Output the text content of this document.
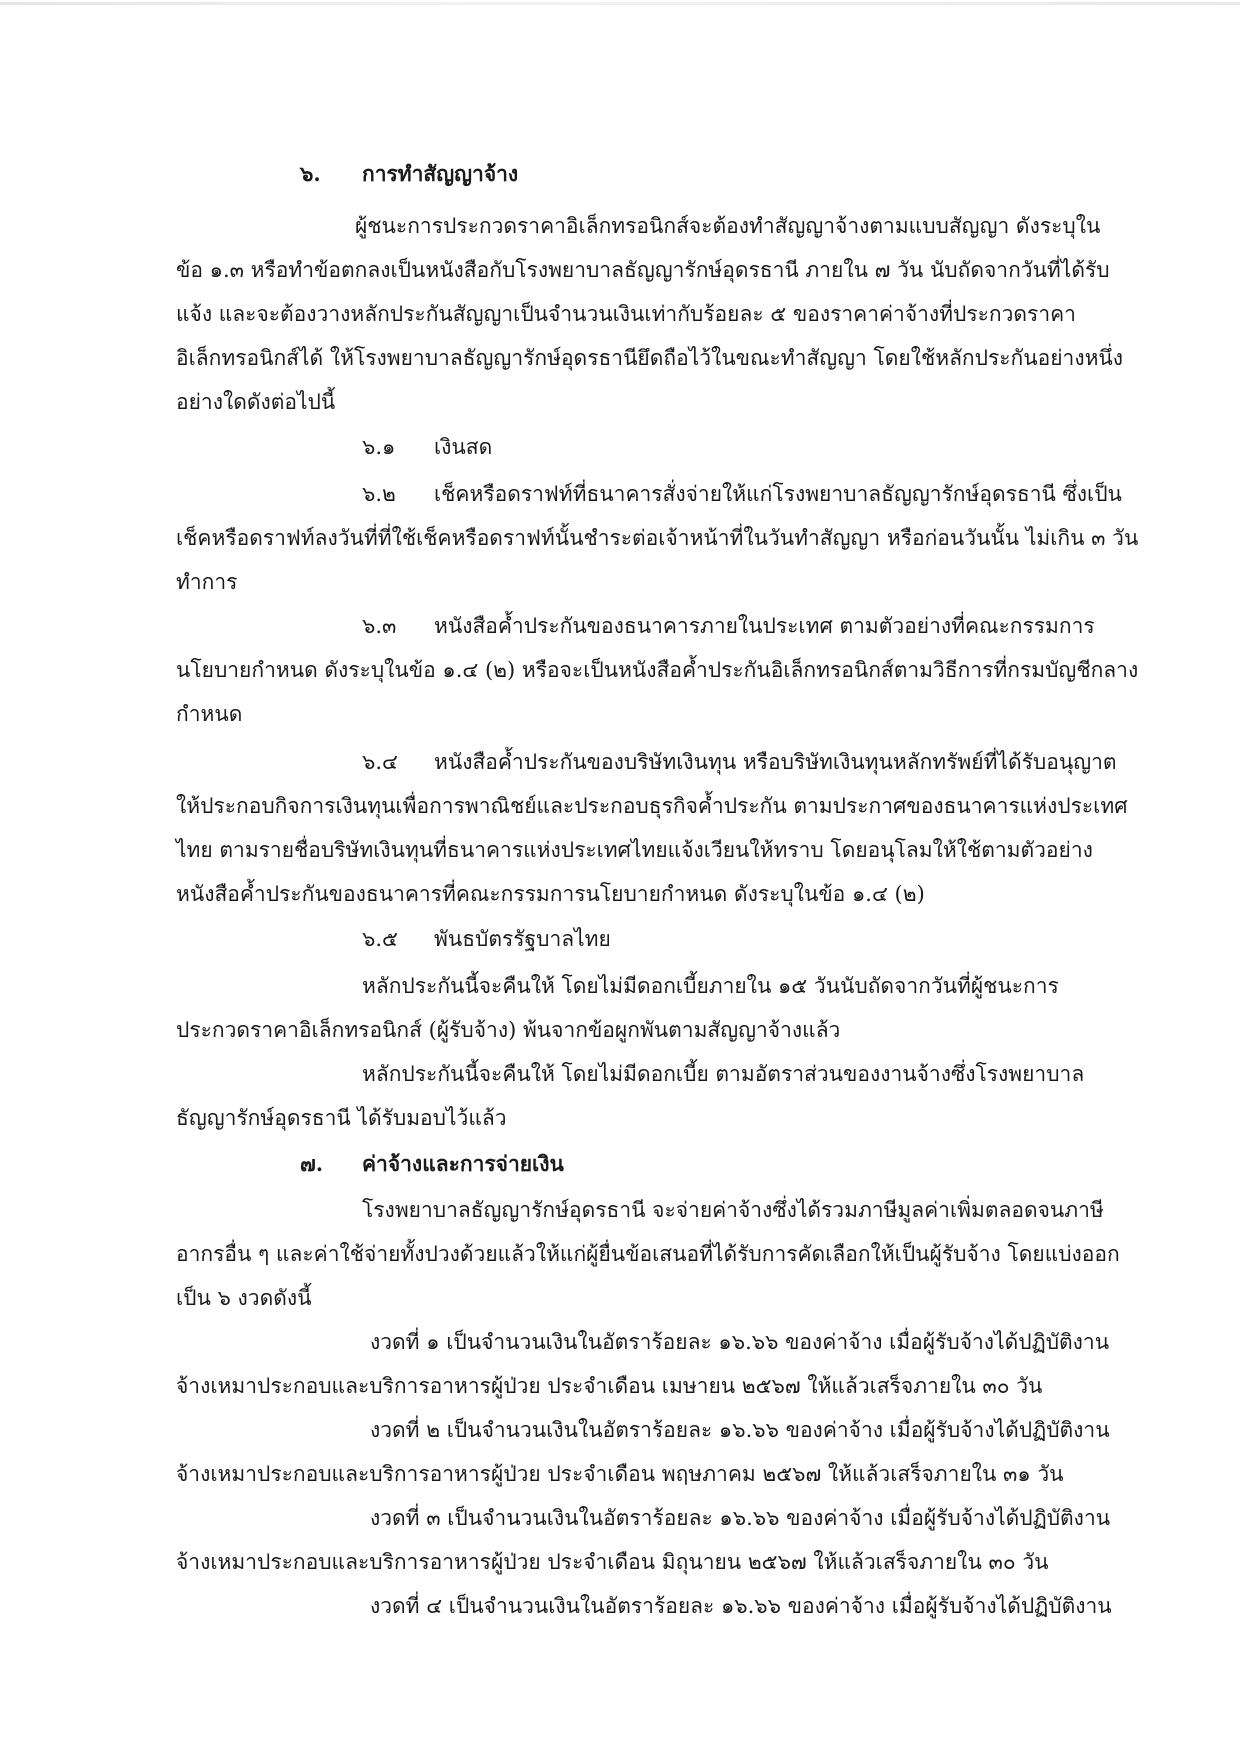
๖. การทำสัญญาจ้าง
ผู้ชนะการประกวดราคาอิเล็กทรอนิกส์จะต้องทำสัญญาจ้างตามแบบสัญญา ดังระบุใน
ข้อ ๑.๓ หรือทำข้อตกลงเป็นหนังสือกับโรงพยาบาลธัญญารักษ์อุดรธานี ภายใน ๗ วัน นับถัดจากวันที่ได้รับ
แจ้ง และจะต้องวางหลักประกันสัญญาเป็นจำนวนเงินเท่ากับร้อยละ ๕ ของราคาค่าจ้างที่ประกวดราคา
อิเล็กทรอนิกส์ได้ ให้โรงพยาบาลธัญญารักษ์อุดรธานียึดถือไว้ในขณะทำสัญญา โดยใช้หลักประกันอย่างหนึ่ง
อย่างใดดังต่อไปนี้
๖.๑ เงินสด
๖.๒ เช็คหรือดราฟท์ที่ธนาคารสั่งจ่ายให้แก่โรงพยาบาลธัญญารักษ์อุดรธานี ซึ่งเป็น
เช็คหรือดราฟท์ลงวันที่ที่ใช้เช็คหรือดราฟท์นั้นชำระต่อเจ้าหน้าที่ในวันทำสัญญา หรือก่อนวันนั้น ไม่เกิน ๓ วัน
ทำการ
๖.๓ หนังสือค้ำประกันของธนาคารภายในประเทศ ตามตัวอย่างที่คณะกรรมการ
นโยบายกำหนด ดังระบุในข้อ ๑.๔ (๒) หรือจะเป็นหนังสือค้ำประกันอิเล็กทรอนิกส์ตามวิธีการที่กรมบัญชีกลาง
กำหนด
๖.๔ หนังสือค้ำประกันของบริษัทเงินทุน หรือบริษัทเงินทุนหลักทรัพย์ที่ได้รับอนุญาต
ให้ประกอบกิจการเงินทุนเพื่อการพาณิชย์และประกอบธุรกิจค้ำประกัน ตามประกาศของธนาคารแห่งประเทศ
ไทย ตามรายชื่อบริษัทเงินทุนที่ธนาคารแห่งประเทศไทยแจ้งเวียนให้ทราบ โดยอนุโลมให้ใช้ตามตัวอย่าง
หนังสือค้ำประกันของธนาคารที่คณะกรรมการนโยบายกำหนด ดังระบุในข้อ ๑.๔ (๒)
๖.๕ พันธบัตรรัฐบาลไทย
หลักประกันนี้จะคืนให้ โดยไม่มีดอกเบี้ยภายใน ๑๕ วันนับถัดจากวันที่ผู้ชนะการ
ประกวดราคาอิเล็กทรอนิกส์ (ผู้รับจ้าง) พ้นจากข้อผูกพันตามสัญญาจ้างแล้ว
หลักประกันนี้จะคืนให้ โดยไม่มีดอกเบี้ย ตามอัตราส่วนของงานจ้างซึ่งโรงพยาบาล
ธัญญารักษ์อุดรธานี ได้รับมอบไว้แล้ว
๗. ค่าจ้างและการจ่ายเงิน
โรงพยาบาลธัญญารักษ์อุดรธานี จะจ่ายค่าจ้างซึ่งได้รวมภาษีมูลค่าเพิ่มตลอดจนภาษี
อากรอื่น ๆ และค่าใช้จ่ายทั้งปวงด้วยแล้วให้แก่ผู้ยื่นข้อเสนอที่ได้รับการคัดเลือกให้เป็นผู้รับจ้าง โดยแบ่งออก
เป็น ๖ งวดดังนี้
งวดที่ ๑ เป็นจำนวนเงินในอัตราร้อยละ ๑๖.๖๖ ของค่าจ้าง เมื่อผู้รับจ้างได้ปฏิบัติงาน
จ้างเหมาประกอบและบริการอาหารผู้ป่วย ประจำเดือน เมษายน ๒๕๖๗ ให้แล้วเสร็จภายใน ๓๐ วัน
งวดที่ ๒ เป็นจำนวนเงินในอัตราร้อยละ ๑๖.๖๖ ของค่าจ้าง เมื่อผู้รับจ้างได้ปฏิบัติงาน
จ้างเหมาประกอบและบริการอาหารผู้ป่วย ประจำเดือน พฤษภาคม ๒๕๖๗ ให้แล้วเสร็จภายใน ๓๑ วัน
งวดที่ ๓ เป็นจำนวนเงินในอัตราร้อยละ ๑๖.๖๖ ของค่าจ้าง เมื่อผู้รับจ้างได้ปฏิบัติงาน
จ้างเหมาประกอบและบริการอาหารผู้ป่วย ประจำเดือน มิถุนายน ๒๕๖๗ ให้แล้วเสร็จภายใน ๓๐ วัน
งวดที่ ๔ เป็นจำนวนเงินในอัตราร้อยละ ๑๖.๖๖ ของค่าจ้าง เมื่อผู้รับจ้างได้ปฏิบัติงาน
